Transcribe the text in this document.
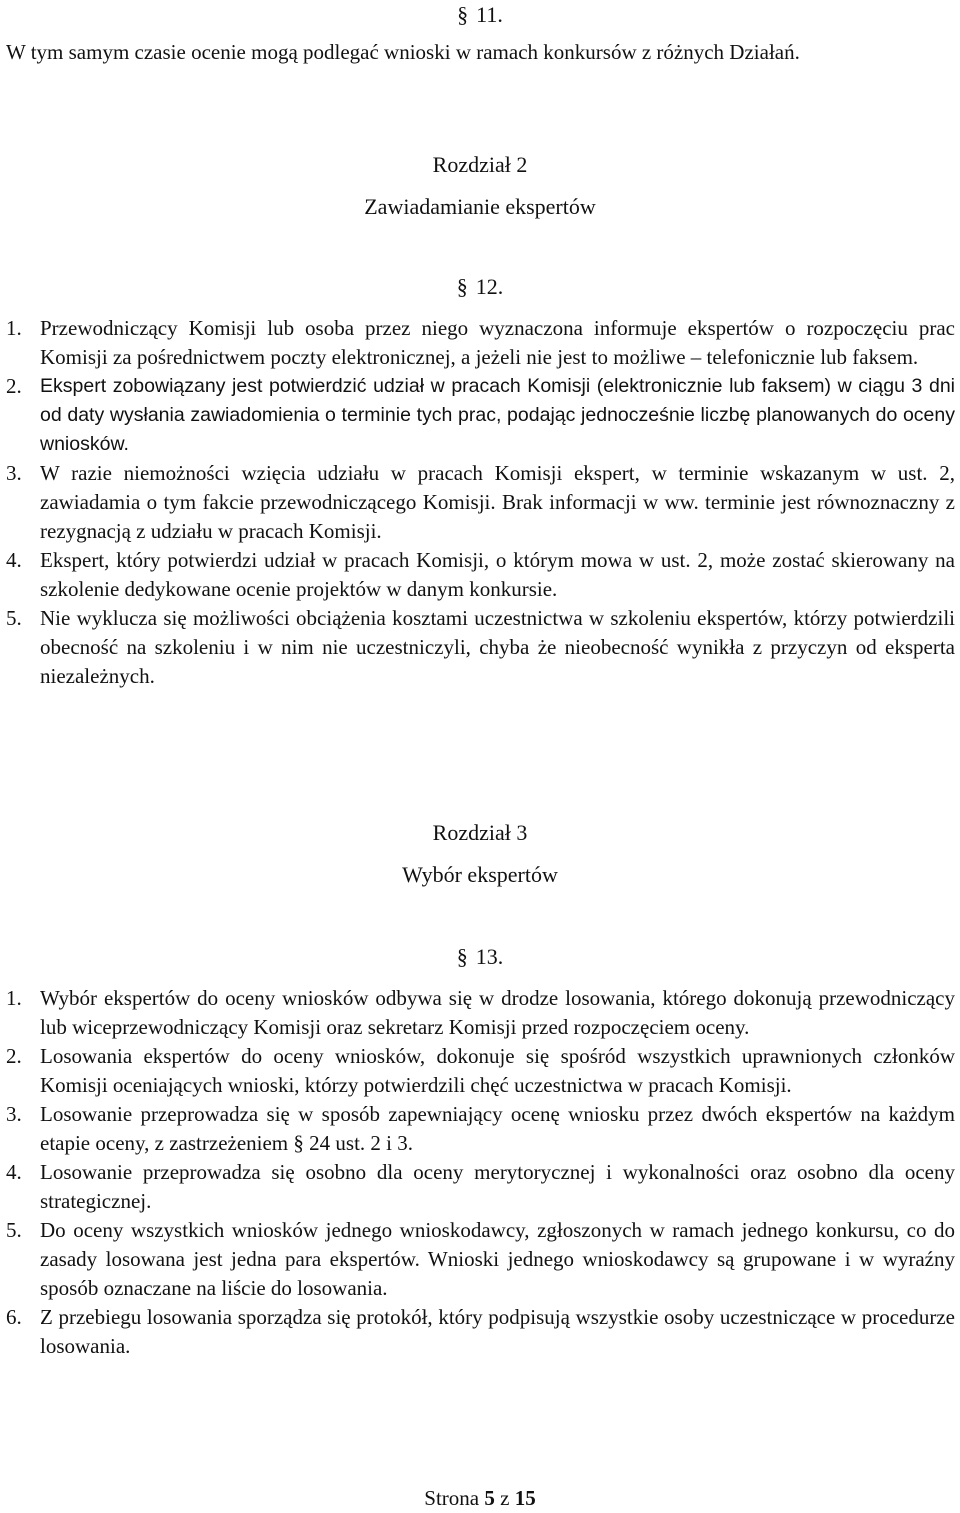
§ 11.
W tym samym czasie ocenie mogą podlegać wnioski w ramach konkursów z różnych Działań.
Rozdział 2
Zawiadamianie ekspertów
§ 12.
1. Przewodniczący Komisji lub osoba przez niego wyznaczona informuje ekspertów o rozpoczęciu prac Komisji za pośrednictwem poczty elektronicznej, a jeżeli nie jest to możliwe – telefonicznie lub faksem.
2. Ekspert zobowiązany jest potwierdzić udział w pracach Komisji (elektronicznie lub faksem) w ciągu 3 dni od daty wysłania zawiadomienia o terminie tych prac, podając jednocześnie liczbę planowanych do oceny wniosków.
3. W razie niemożności wzięcia udziału w pracach Komisji ekspert, w terminie wskazanym w ust. 2, zawiadamia o tym fakcie przewodniczącego Komisji. Brak informacji w ww. terminie jest równoznaczny z rezygnacją z udziału w pracach Komisji.
4. Ekspert, który potwierdzi udział w pracach Komisji, o którym mowa w ust. 2, może zostać skierowany na szkolenie dedykowane ocenie projektów w danym konkursie.
5. Nie wyklucza się możliwości obciążenia kosztami uczestnictwa w szkoleniu ekspertów, którzy potwierdzili obecność na szkoleniu i w nim nie uczestniczyli, chyba że nieobecność wynikła z przyczyn od eksperta niezależnych.
Rozdział 3
Wybór ekspertów
§ 13.
1. Wybór ekspertów do oceny wniosków odbywa się w drodze losowania, którego dokonują przewodniczący lub wiceprzewodniczący Komisji oraz sekretarz Komisji przed rozpoczęciem oceny.
2. Losowania ekspertów do oceny wniosków, dokonuje się spośród wszystkich uprawnionych członków Komisji oceniających wnioski, którzy potwierdzili chęć uczestnictwa w pracach Komisji.
3. Losowanie przeprowadza się w sposób zapewniający ocenę wniosku przez dwóch ekspertów na każdym etapie oceny, z zastrzeżeniem § 24 ust. 2 i 3.
4. Losowanie przeprowadza się osobno dla oceny merytorycznej i wykonalności oraz osobno dla oceny strategicznej.
5. Do oceny wszystkich wniosków jednego wnioskodawcy, zgłoszonych w ramach jednego konkursu, co do zasady losowana jest jedna para ekspertów. Wnioski jednego wnioskodawcy są grupowane i w wyraźny sposób oznaczane na liście do losowania.
6. Z przebiegu losowania sporządza się protokół, który podpisują wszystkie osoby uczestniczące w procedurze losowania.
Strona 5 z 15
